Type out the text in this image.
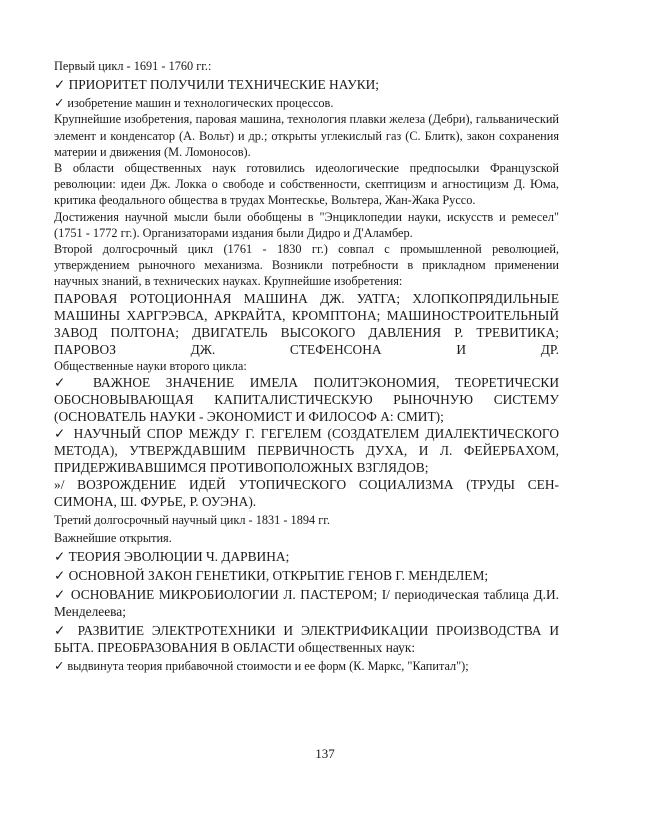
Первый цикл - 1691 - 1760 гг.:

✓ ПРИОРИТЕТ ПОЛУЧИЛИ ТЕХНИЧЕСКИЕ НАУКИ;

✓ изобретение машин и технологических процессов.

Крупнейшие изобретения, паровая машина, технология плавки железа (Дебри), гальванический элемент и конденсатор (А. Вольт) и др.; открыты углекислый газ (С. Блитк), закон сохранения материи и движения (М. Ломоносов).

В области общественных наук готовились идеологические предпосылки Французской революции: идеи Дж. Локка о свободе и собственности, скептицизм и агностицизм Д. Юма, критика феодального общества в трудах Монтескье, Вольтера, Жан-Жака Руссо.

Достижения научной мысли были обобщены в "Энциклопедии науки, искусств и ремесел" (1751 - 1772 гг.). Организаторами издания были Дидро и Д'Аламбер.

Второй долгосрочный цикл (1761 - 1830 гг.) совпал с промышленной революцией, утверждением рыночного механизма. Возникли потребности в прикладном применении научных знаний, в технических науках. Крупнейшие изобретения:

ПАРОВАЯ РОТОЦИОННАЯ МАШИНА ДЖ. УАТГА; ХЛОПКОПРЯДИЛЬНЫЕ МАШИНЫ ХАРГРЭВСА, АРКРАЙТА, КРОМПТОНА; МАШИНОСТРОИТЕЛЬНЫЙ ЗАВОД ПОЛТОНА; ДВИГАТЕЛЬ ВЫСОКОГО ДАВЛЕНИЯ Р. ТРЕВИТИКА; ПАРОВОЗ ДЖ. СТЕФЕНСОНА И ДР.

Общественные науки второго цикла:

✓ ВАЖНОЕ ЗНАЧЕНИЕ ИМЕЛА ПОЛИТЭКОНОМИЯ, ТЕОРЕТИЧЕСКИ ОБОСНОВЫВАЮЩАЯ КАПИТАЛИСТИЧЕСКУЮ РЫНОЧНУЮ СИСТЕМУ (ОСНОВАТЕЛЬ НАУКИ - ЭКОНОМИСТ И ФИЛОСОФ А: СМИТ);

✓ НАУЧНЫЙ СПОР МЕЖДУ Г. ГЕГЕЛЕМ (СОЗДАТЕЛЕМ ДИАЛЕКТИЧЕСКОГО МЕТОДА), УТВЕРЖДАВШИМ ПЕРВИЧНОСТЬ ДУХА, И Л. ФЕЙЕРБАХОМ, ПРИДЕРЖИВАВШИМСЯ ПРОТИВОПОЛОЖНЫХ ВЗГЛЯДОВ;

»/ ВОЗРОЖДЕНИЕ ИДЕЙ УТОПИЧЕСКОГО СОЦИАЛИЗМА (ТРУДЫ СЕН-СИМОНА, Ш. ФУРЬЕ, Р. ОУЭНА).

Третий долгосрочный научный цикл - 1831 - 1894 гг.

Важнейшие открытия.

✓ ТЕОРИЯ ЭВОЛЮЦИИ Ч. ДАРВИНА;

✓ ОСНОВНОЙ ЗАКОН ГЕНЕТИКИ, ОТКРЫТИЕ ГЕНОВ Г. МЕНДЕЛЕМ;

✓ ОСНОВАНИЕ МИКРОБИОЛОГИИ Л. ПАСТЕРОМ; I/ периодическая таблица Д.И. Менделеева;

✓ РАЗВИТИЕ ЭЛЕКТРОТЕХНИКИ И ЭЛЕКТРИФИКАЦИИ ПРОИЗВОДСТВА И БЫТА. ПРЕОБРАЗОВАНИЯ В ОБЛАСТИ общественных наук:

✓ выдвинута теория прибавочной стоимости и ее форм (К. Маркс, "Капитал");

137
